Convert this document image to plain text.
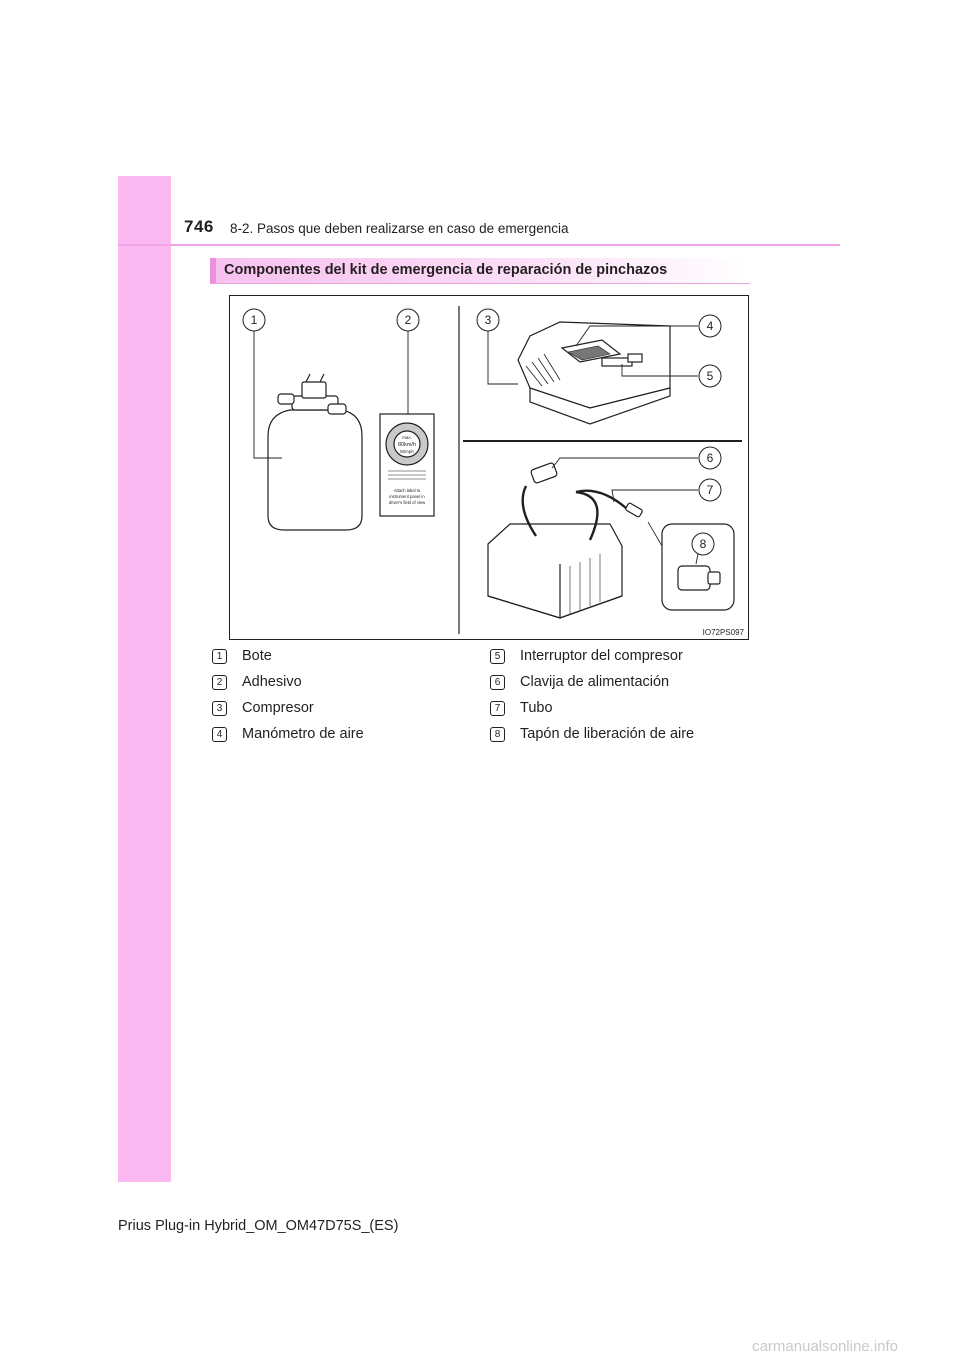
746 8-2. Pasos que deben realizarse en caso de emergencia
Componentes del kit de emergencia de reparación de pinchazos
1	2	3	4
5
6
7
8
max.
80km/h
50mph
Attach label to
instrument panel in
driver's field of view
IO72PS097
1	Bote
2	Adhesivo
3	Compresor
4	Manómetro de aire
5	Interruptor del compresor
6	Clavija de alimentación
7	Tubo
8	Tapón de liberación de aire
Prius Plug-in Hybrid_OM_OM47D75S_(ES)
carmanualsonline.info
